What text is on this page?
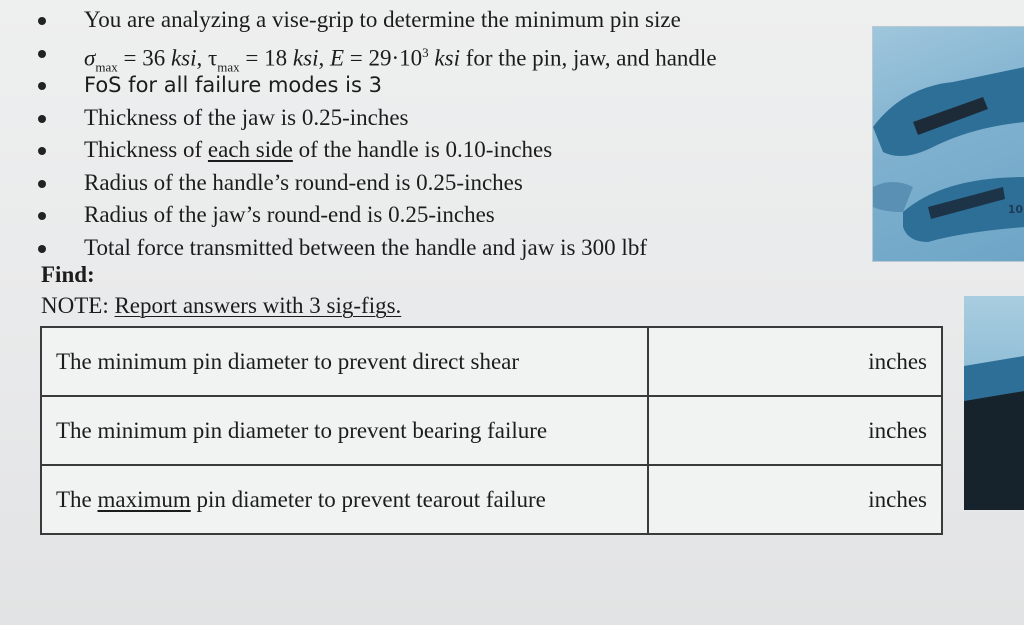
You are analyzing a vise-grip to determine the minimum pin size
$\sigma_{max} = 36$ ksi, $\tau_{max} = 18$ ksi, $E = 29\cdot 10^3$ ksi for the pin, jaw, and handle
FoS for all failure modes is 3
Thickness of the jaw is 0.25-inches
Thickness of each side of the handle is 0.10-inches
Radius of the handle’s round-end is 0.25-inches
Radius of the jaw’s round-end is 0.25-inches
Total force transmitted between the handle and jaw is 300 lbf
Find:
NOTE: Report answers with 3 sig-figs.
The minimum pin diameter to prevent direct shear	inches
The minimum pin diameter to prevent bearing failure	inches
The maximum pin diameter to prevent tearout failure	inches
10
